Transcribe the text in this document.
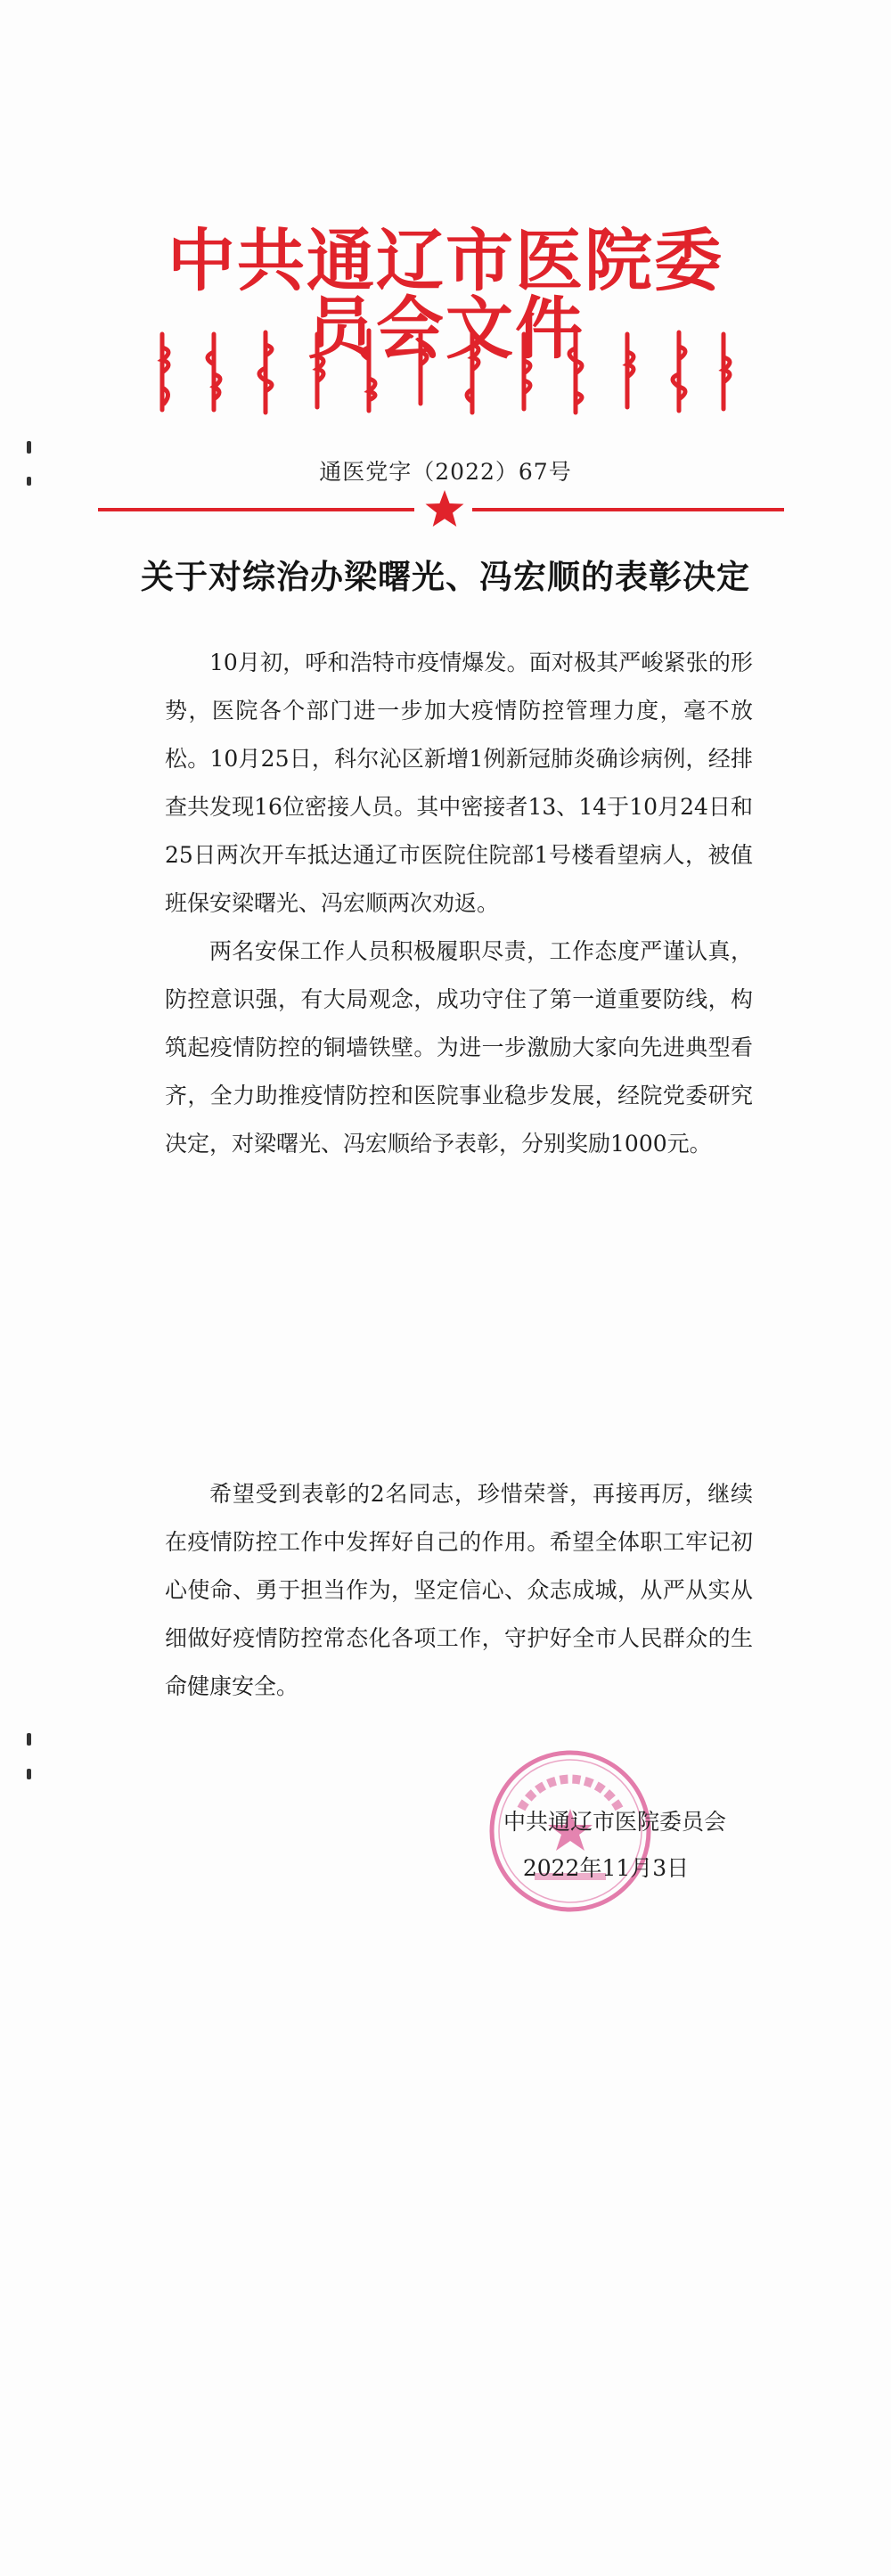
中共通辽市医院委员会文件
通医党字（2022）67号
关于对综治办梁曙光、冯宏顺的表彰决定

10月初，呼和浩特市疫情爆发。面对极其严峻紧张的形势，医院各个部门进一步加大疫情防控管理力度，毫不放松。10月25日，科尔沁区新增1例新冠肺炎确诊病例，经排查共发现16位密接人员。其中密接者13、14于10月24日和25日两次开车抵达通辽市医院住院部1号楼看望病人，被值班保安梁曙光、冯宏顺两次劝返。

两名安保工作人员积极履职尽责，工作态度严谨认真，防控意识强，有大局观念，成功守住了第一道重要防线，构筑起疫情防控的铜墙铁壁。为进一步激励大家向先进典型看齐，全力助推疫情防控和医院事业稳步发展，经院党委研究决定，对梁曙光、冯宏顺给予表彰，分别奖励1000元。

希望受到表彰的2名同志，珍惜荣誉，再接再厉，继续在疫情防控工作中发挥好自己的作用。希望全体职工牢记初心使命、勇于担当作为，坚定信心、众志成城，从严从实从细做好疫情防控常态化各项工作，守护好全市人民群众的生命健康安全。

中共通辽市医院委员会
2022年11月3日
